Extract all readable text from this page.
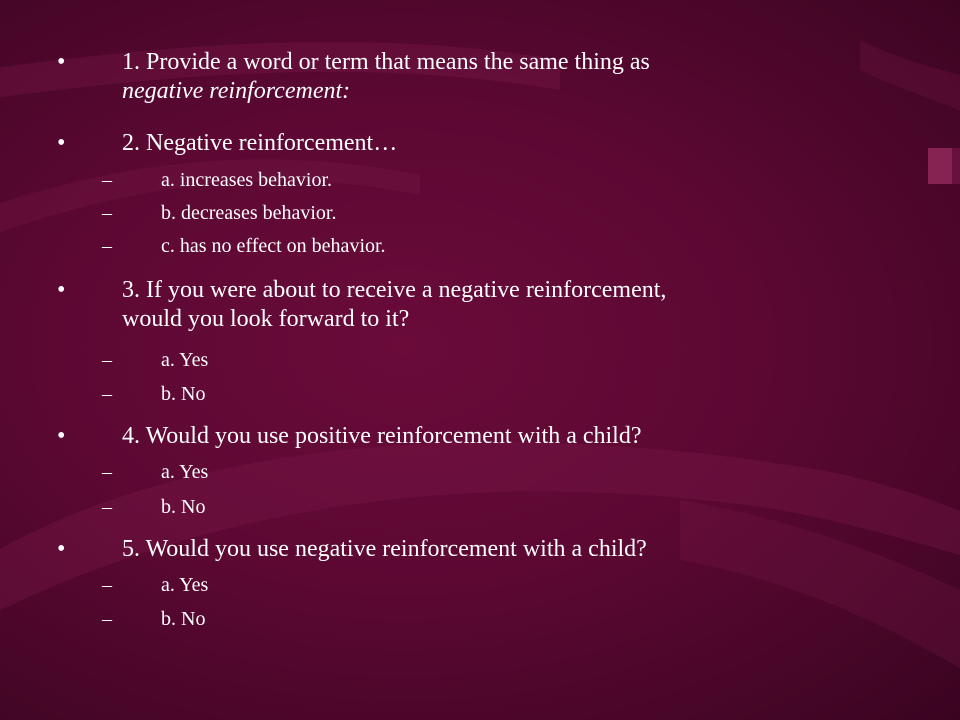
• 1. Provide a word or term that means the same thing as
negative reinforcement:
• 2. Negative reinforcement…
– a. increases behavior.
– b. decreases behavior.
– c. has no effect on behavior.
• 3. If you were about to receive a negative reinforcement,
would you look forward to it?
– a. Yes
– b. No
• 4. Would you use positive reinforcement with a child?
– a. Yes
– b. No
• 5. Would you use negative reinforcement with a child?
– a. Yes
– b. No
